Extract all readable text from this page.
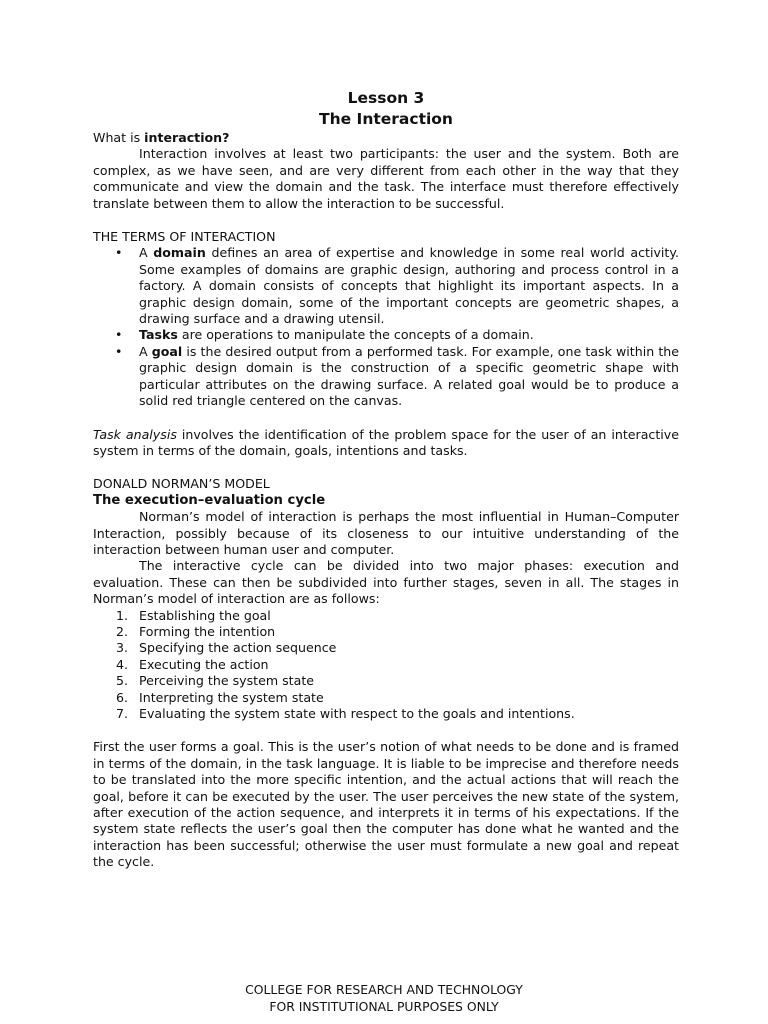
Lesson 3
The Interaction

What is interaction?

Interaction involves at least two participants: the user and the system. Both are complex, as we have seen, and are very different from each other in the way that they communicate and view the domain and the task. The interface must therefore effectively translate between them to allow the interaction to be successful.

THE TERMS OF INTERACTION

• A domain defines an area of expertise and knowledge in some real world activity. Some examples of domains are graphic design, authoring and process control in a factory. A domain consists of concepts that highlight its important aspects. In a graphic design domain, some of the important concepts are geometric shapes, a drawing surface and a drawing utensil.
• Tasks are operations to manipulate the concepts of a domain.
• A goal is the desired output from a performed task. For example, one task within the graphic design domain is the construction of a specific geometric shape with particular attributes on the drawing surface. A related goal would be to produce a solid red triangle centered on the canvas.

Task analysis involves the identification of the problem space for the user of an interactive system in terms of the domain, goals, intentions and tasks.

DONALD NORMAN’S MODEL

The execution–evaluation cycle

Norman’s model of interaction is perhaps the most influential in Human–Computer Interaction, possibly because of its closeness to our intuitive understanding of the interaction between human user and computer.

The interactive cycle can be divided into two major phases: execution and evaluation. These can then be subdivided into further stages, seven in all. The stages in Norman’s model of interaction are as follows:

1. Establishing the goal
2. Forming the intention
3. Specifying the action sequence
4. Executing the action
5. Perceiving the system state
6. Interpreting the system state
7. Evaluating the system state with respect to the goals and intentions.

First the user forms a goal. This is the user’s notion of what needs to be done and is framed in terms of the domain, in the task language. It is liable to be imprecise and therefore needs to be translated into the more specific intention, and the actual actions that will reach the goal, before it can be executed by the user. The user perceives the new state of the system, after execution of the action sequence, and interprets it in terms of his expectations. If the system state reflects the user’s goal then the computer has done what he wanted and the interaction has been successful; otherwise the user must formulate a new goal and repeat the cycle.

COLLEGE FOR RESEARCH AND TECHNOLOGY
FOR INSTITUTIONAL PURPOSES ONLY
